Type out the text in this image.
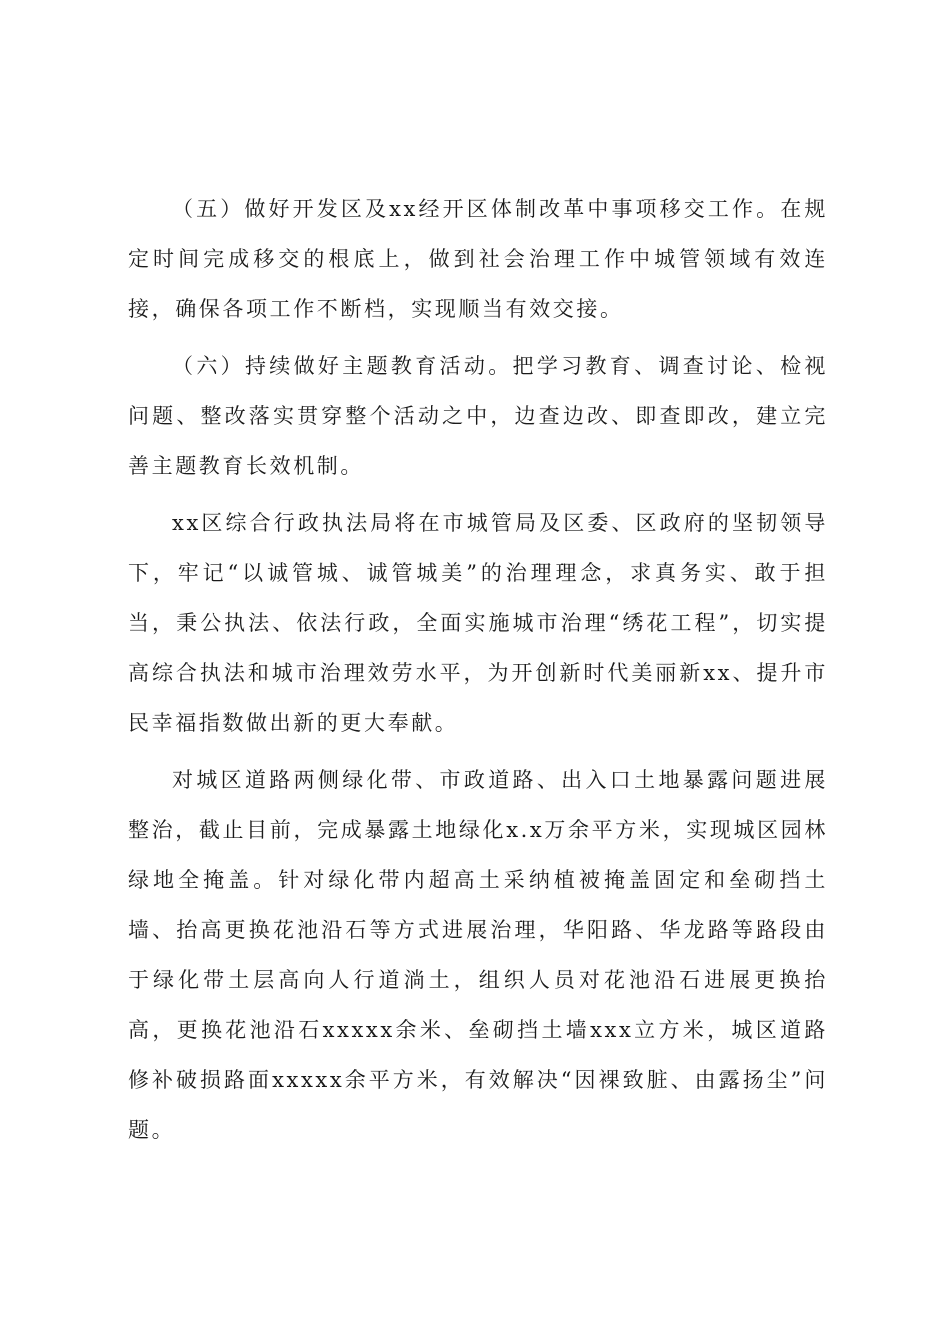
（五）做好开发区及xx经开区体制改革中事项移交工作。在规定时间完成移交的根底上，做到社会治理工作中城管领域有效连接，确保各项工作不断档，实现顺当有效交接。

（六）持续做好主题教育活动。把学习教育、调查讨论、检视问题、整改落实贯穿整个活动之中，边查边改、即查即改，建立完善主题教育长效机制。

xx区综合行政执法局将在市城管局及区委、区政府的坚韧领导下，牢记“以诚管城、诚管城美”的治理理念，求真务实、敢于担当，秉公执法、依法行政，全面实施城市治理“绣花工程”，切实提高综合执法和城市治理效劳水平，为开创新时代美丽新xx、提升市民幸福指数做出新的更大奉献。

对城区道路两侧绿化带、市政道路、出入口土地暴露问题进展整治，截止目前，完成暴露土地绿化x.x万余平方米，实现城区园林绿地全掩盖。针对绿化带内超高土采纳植被掩盖固定和垒砌挡土墙、抬高更换花池沿石等方式进展治理，华阳路、华龙路等路段由于绿化带土层高向人行道淌土，组织人员对花池沿石进展更换抬高，更换花池沿石xxxxx余米、垒砌挡土墙xxx立方米，城区道路修补破损路面xxxxx余平方米，有效解决“因裸致脏、由露扬尘”问题。
